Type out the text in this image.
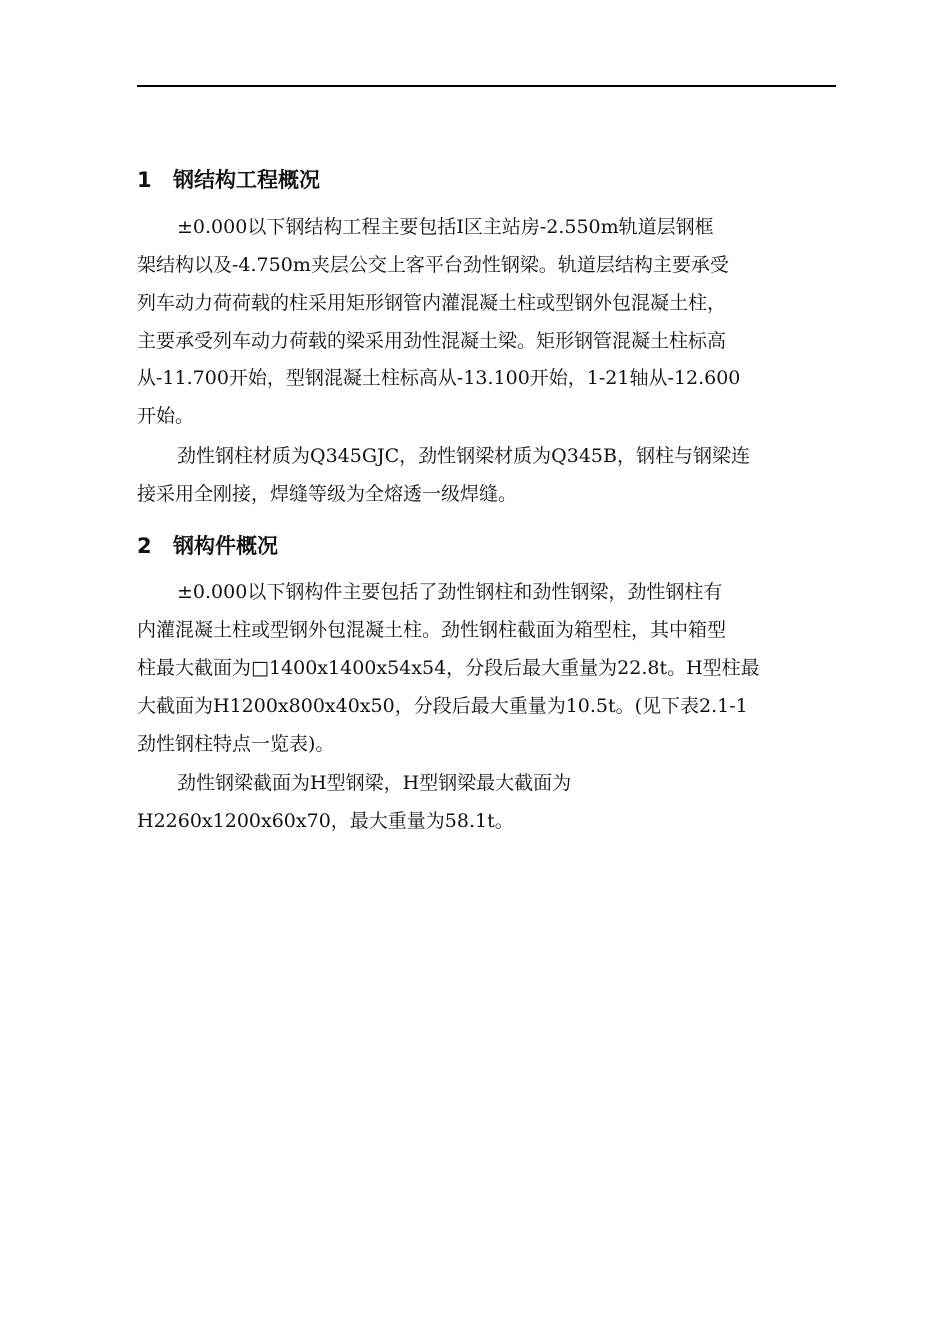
1 钢结构工程概况
±0.000以下钢结构工程主要包括Ⅰ区主站房-2.550m轨道层钢框
架结构以及-4.750m夹层公交上客平台劲性钢梁。轨道层结构主要承受
列车动力荷荷载的柱采用矩形钢管内灌混凝土柱或型钢外包混凝土柱，
主要承受列车动力荷载的梁采用劲性混凝土梁。矩形钢管混凝土柱标高
从-11.700开始，型钢混凝土柱标高从-13.100开始，1-21轴从-12.600
开始。
劲性钢柱材质为Q345GJC，劲性钢梁材质为Q345B，钢柱与钢梁连
接采用全刚接，焊缝等级为全熔透一级焊缝。
2 钢构件概况
±0.000以下钢构件主要包括了劲性钢柱和劲性钢梁，劲性钢柱有
内灌混凝土柱或型钢外包混凝土柱。劲性钢柱截面为箱型柱，其中箱型
柱最大截面为□1400x1400x54x54，分段后最大重量为22.8t。H型柱最
大截面为H1200x800x40x50，分段后最大重量为10.5t。(见下表2.1-1
劲性钢柱特点一览表)。
劲性钢梁截面为H型钢梁，H型钢梁最大截面为
H2260x1200x60x70，最大重量为58.1t。
